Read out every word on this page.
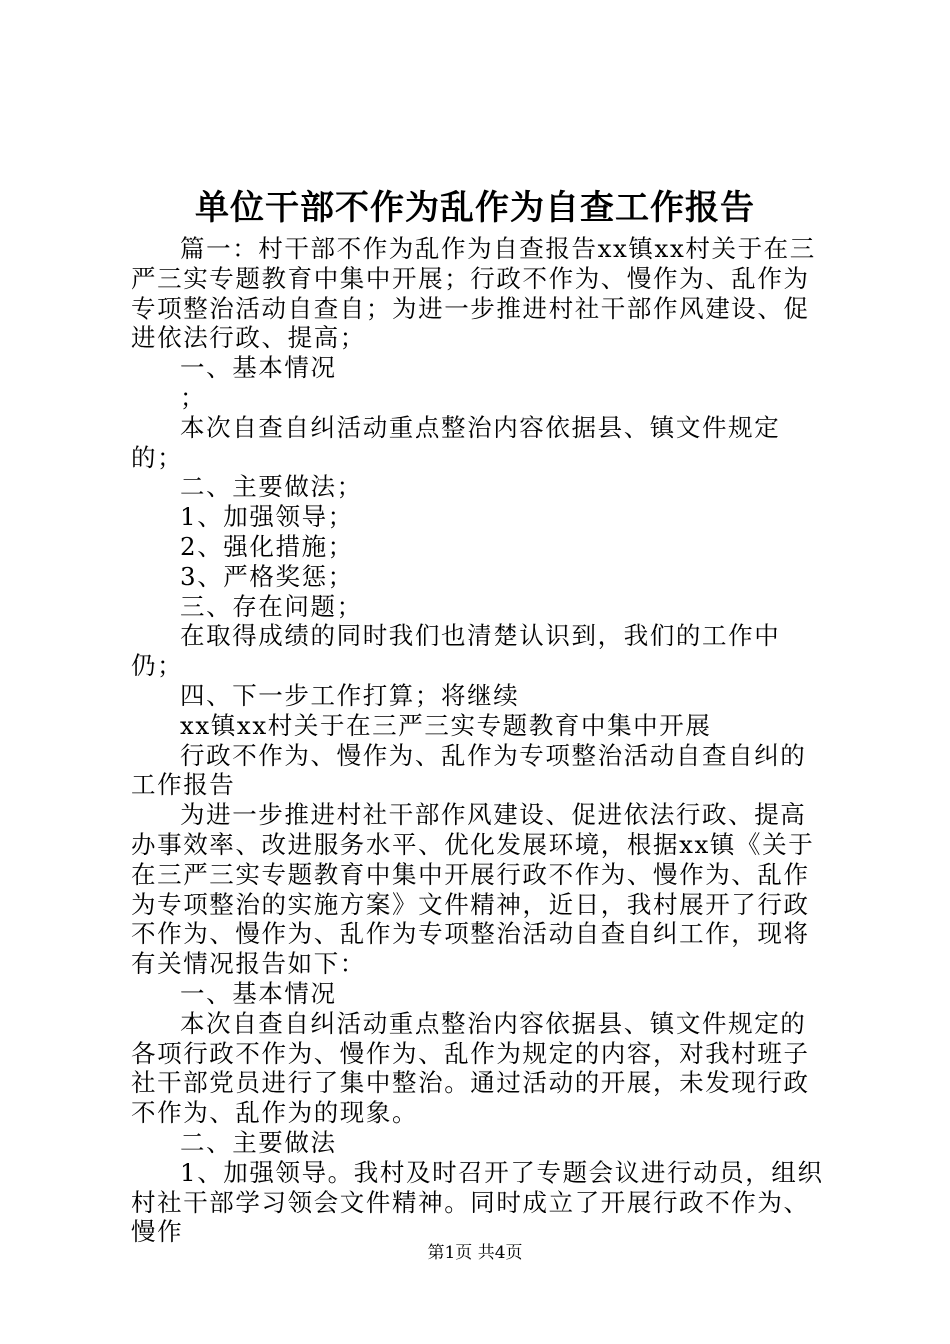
单位干部不作为乱作为自查工作报告

篇一：村干部不作为乱作为自查报告xx镇xx村关于在三严三实专题教育中集中开展；行政不作为、慢作为、乱作为专项整治活动自查自；为进一步推进村社干部作风建设、促进依法行政、提高；

一、基本情况

；

本次自查自纠活动重点整治内容依据县、镇文件规定的；

二、主要做法；

1、加强领导；

2、强化措施；

3、严格奖惩；

三、存在问题；

在取得成绩的同时我们也清楚认识到，我们的工作中仍；

四、下一步工作打算；将继续

xx镇xx村关于在三严三实专题教育中集中开展

行政不作为、慢作为、乱作为专项整治活动自查自纠的工作报告

为进一步推进村社干部作风建设、促进依法行政、提高办事效率、改进服务水平、优化发展环境，根据xx镇《关于在三严三实专题教育中集中开展行政不作为、慢作为、乱作为专项整治的实施方案》文件精神，近日，我村展开了行政不作为、慢作为、乱作为专项整治活动自查自纠工作，现将有关情况报告如下：

一、基本情况

本次自查自纠活动重点整治内容依据县、镇文件规定的各项行政不作为、慢作为、乱作为规定的内容，对我村班子社干部党员进行了集中整治。通过活动的开展，未发现行政不作为、乱作为的现象。

二、主要做法

1、加强领导。我村及时召开了专题会议进行动员，组织村社干部学习领会文件精神。同时成立了开展行政不作为、慢作

第1页 共4页
